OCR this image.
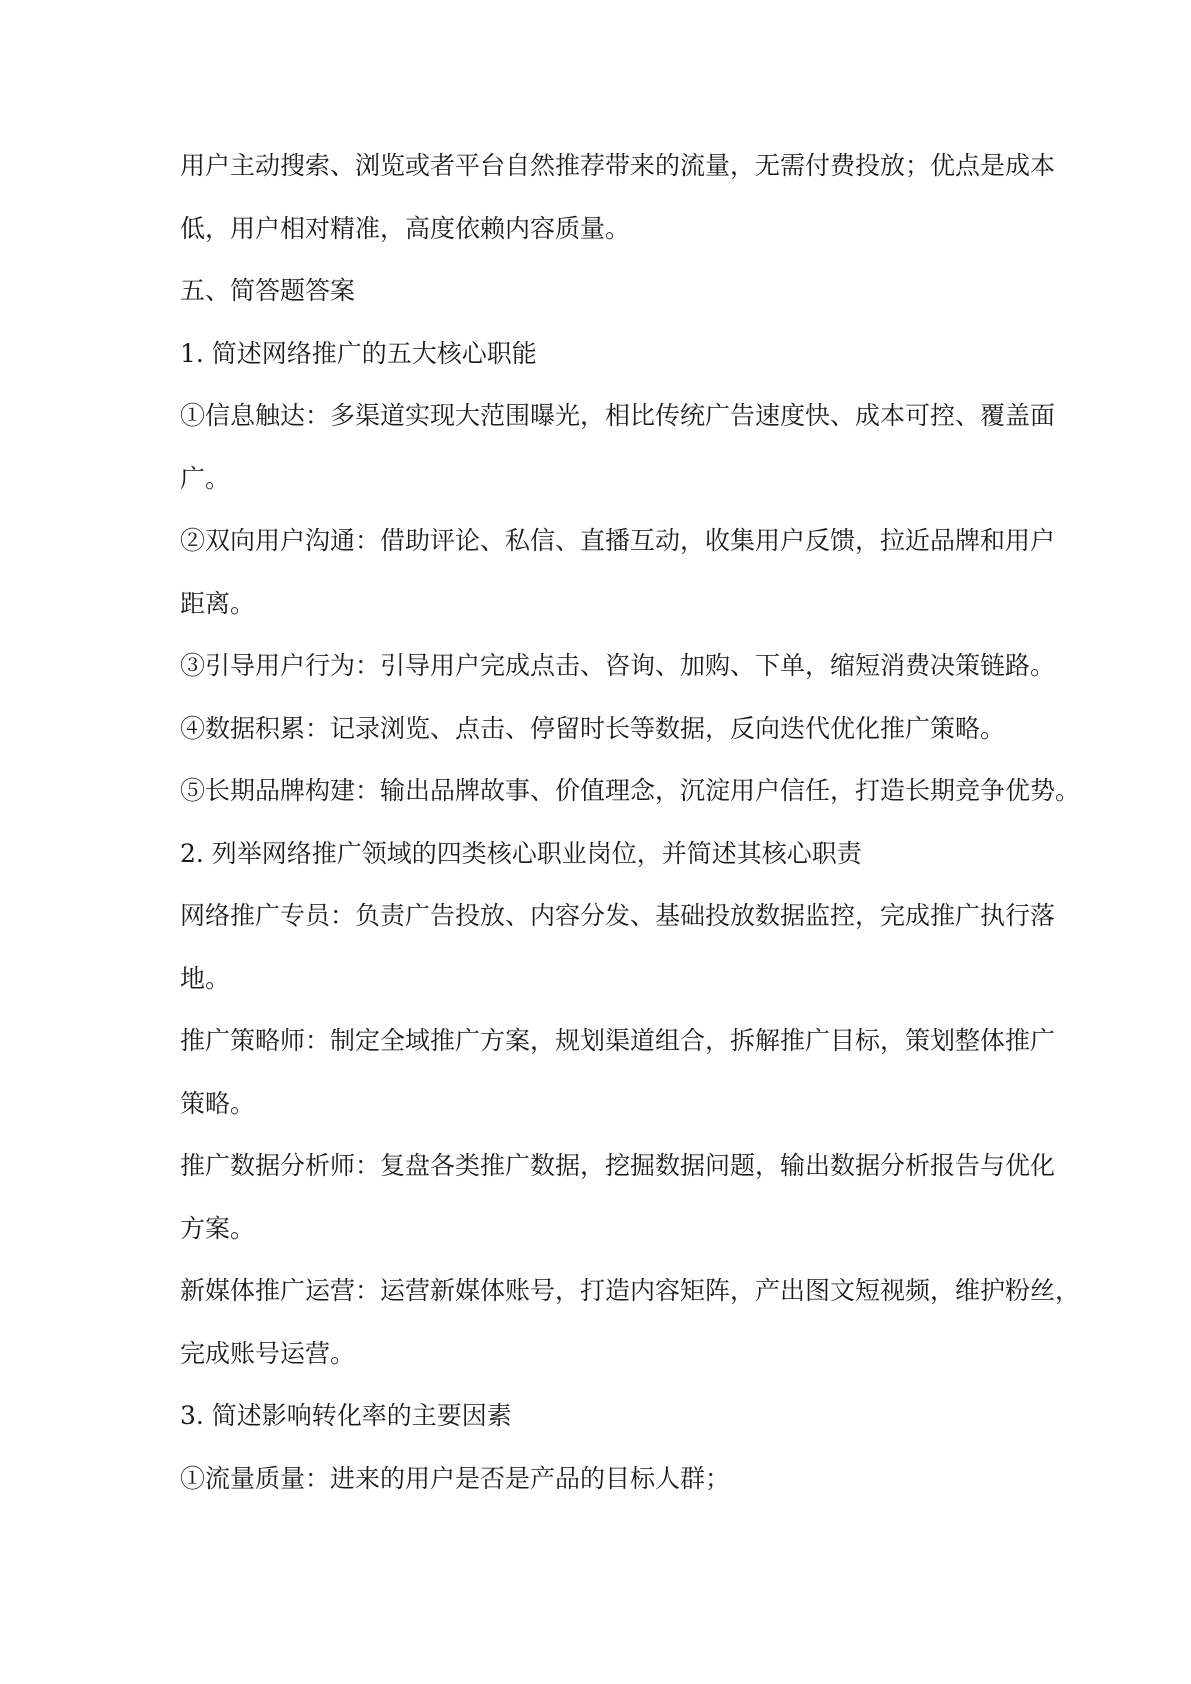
用户主动搜索、浏览或者平台自然推荐带来的流量，无需付费投放；优点是成本
低，用户相对精准，高度依赖内容质量。
五、简答题答案
1. 简述网络推广的五大核心职能
①信息触达：多渠道实现大范围曝光，相比传统广告速度快、成本可控、覆盖面
广。
②双向用户沟通：借助评论、私信、直播互动，收集用户反馈，拉近品牌和用户
距离。
③引导用户行为：引导用户完成点击、咨询、加购、下单，缩短消费决策链路。
④数据积累：记录浏览、点击、停留时长等数据，反向迭代优化推广策略。
⑤长期品牌构建：输出品牌故事、价值理念，沉淀用户信任，打造长期竞争优势。
2. 列举网络推广领域的四类核心职业岗位，并简述其核心职责
网络推广专员：负责广告投放、内容分发、基础投放数据监控，完成推广执行落
地。
推广策略师：制定全域推广方案，规划渠道组合，拆解推广目标，策划整体推广
策略。
推广数据分析师：复盘各类推广数据，挖掘数据问题，输出数据分析报告与优化
方案。
新媒体推广运营：运营新媒体账号，打造内容矩阵，产出图文短视频，维护粉丝，
完成账号运营。
3. 简述影响转化率的主要因素
①流量质量：进来的用户是否是产品的目标人群；
